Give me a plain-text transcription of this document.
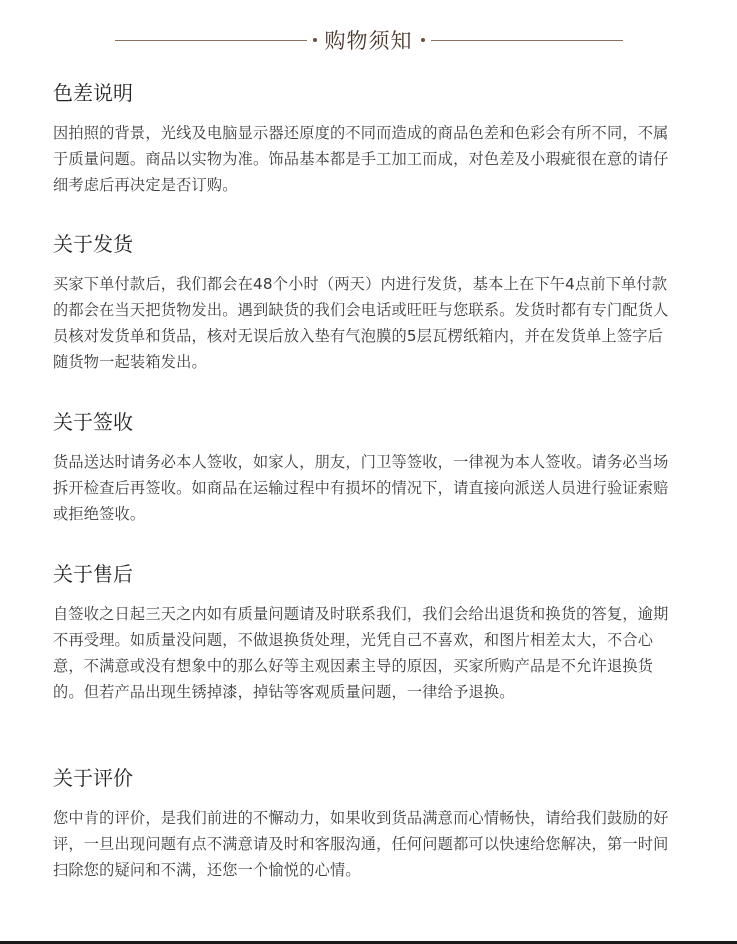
购物须知
色差说明

因拍照的背景，光线及电脑显示器还原度的不同而造成的商品色差和色彩会有所不同，不属于质量问题。商品以实物为准。饰品基本都是手工加工而成，对色差及小瑕疵很在意的请仔细考虑后再决定是否订购。

关于发货

买家下单付款后，我们都会在48个小时（两天）内进行发货，基本上在下午4点前下单付款的都会在当天把货物发出。遇到缺货的我们会电话或旺旺与您联系。发货时都有专门配货人员核对发货单和货品，核对无误后放入垫有气泡膜的5层瓦楞纸箱内，并在发货单上签字后随货物一起装箱发出。

关于签收

货品送达时请务必本人签收，如家人，朋友，门卫等签收，一律视为本人签收。请务必当场拆开检查后再签收。如商品在运输过程中有损坏的情况下，请直接向派送人员进行验证索赔或拒绝签收。

关于售后

自签收之日起三天之内如有质量问题请及时联系我们，我们会给出退货和换货的答复，逾期不再受理。如质量没问题，不做退换货处理，光凭自己不喜欢，和图片相差太大，不合心意，不满意或没有想象中的那么好等主观因素主导的原因，买家所购产品是不允许退换货的。但若产品出现生锈掉漆，掉钻等客观质量问题，一律给予退换。

关于评价

您中肯的评价，是我们前进的不懈动力，如果收到货品满意而心情畅快，请给我们鼓励的好评，一旦出现问题有点不满意请及时和客服沟通，任何问题都可以快速给您解决，第一时间扫除您的疑问和不满，还您一个愉悦的心情。
